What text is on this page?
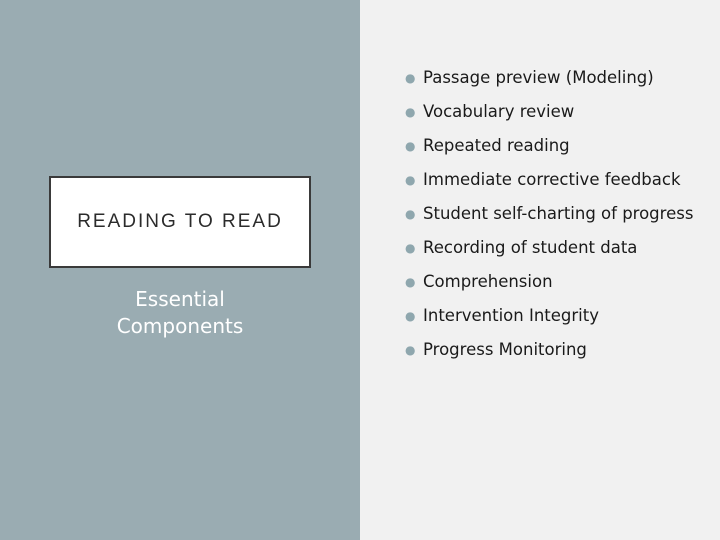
READING TO READ
Essential
Components
● Passage preview (Modeling)
● Vocabulary review
● Repeated reading
● Immediate corrective feedback
● Student self-charting of progress
● Recording of student data
● Comprehension
● Intervention Integrity
● Progress Monitoring
